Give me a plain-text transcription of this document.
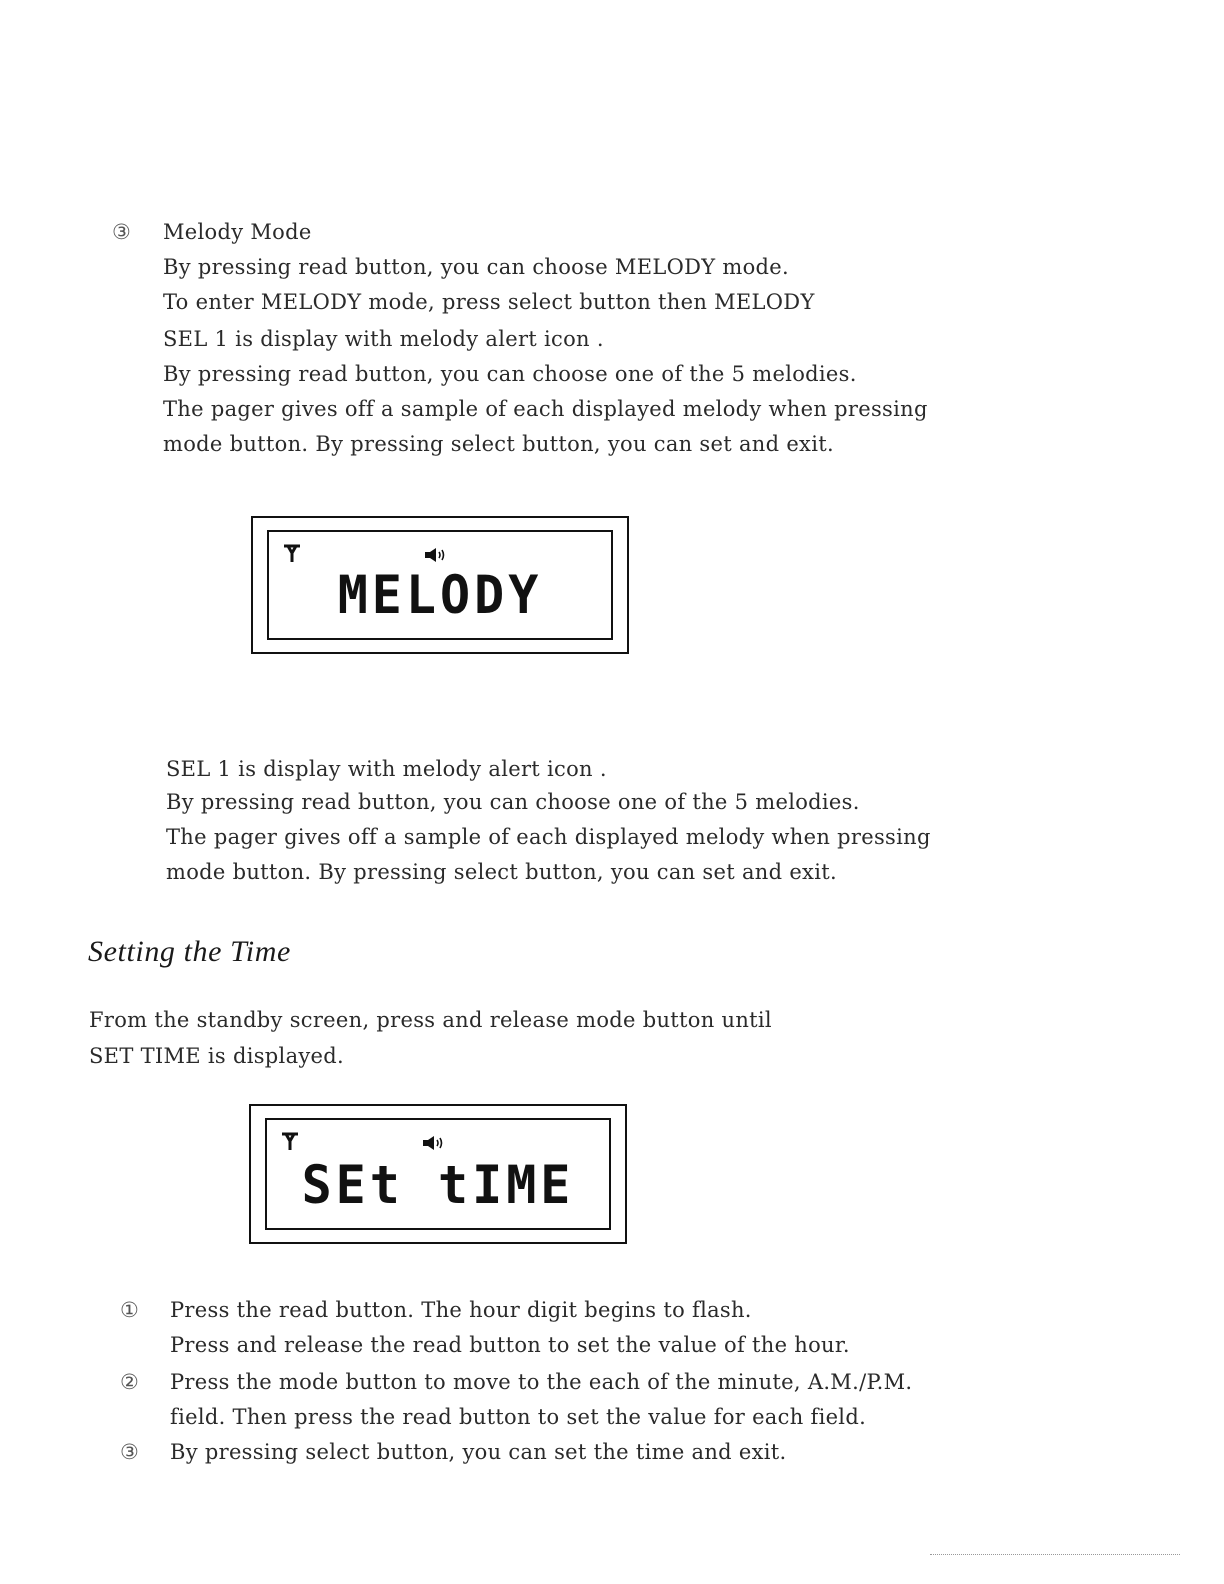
③ Melody Mode
By pressing read button, you can choose MELODY mode.
To enter MELODY mode, press select button then MELODY
SEL 1 is display with melody alert icon .
By pressing read button, you can choose one of the 5 melodies.
The pager gives off a sample of each displayed melody when pressing
mode button. By pressing select button, you can set and exit.
MELODY
SEL 1 is display with melody alert icon .
By pressing read button, you can choose one of the 5 melodies.
The pager gives off a sample of each displayed melody when pressing
mode button. By pressing select button, you can set and exit.
Setting the Time
From the standby screen, press and release mode button until
SET TIME is displayed.
SEt tIME
① Press the read button. The hour digit begins to flash.
Press and release the read button to set the value of the hour.
② Press the mode button to move to the each of the minute, A.M./P.M.
field. Then press the read button to set the value for each field.
③ By pressing select button, you can set the time and exit.
